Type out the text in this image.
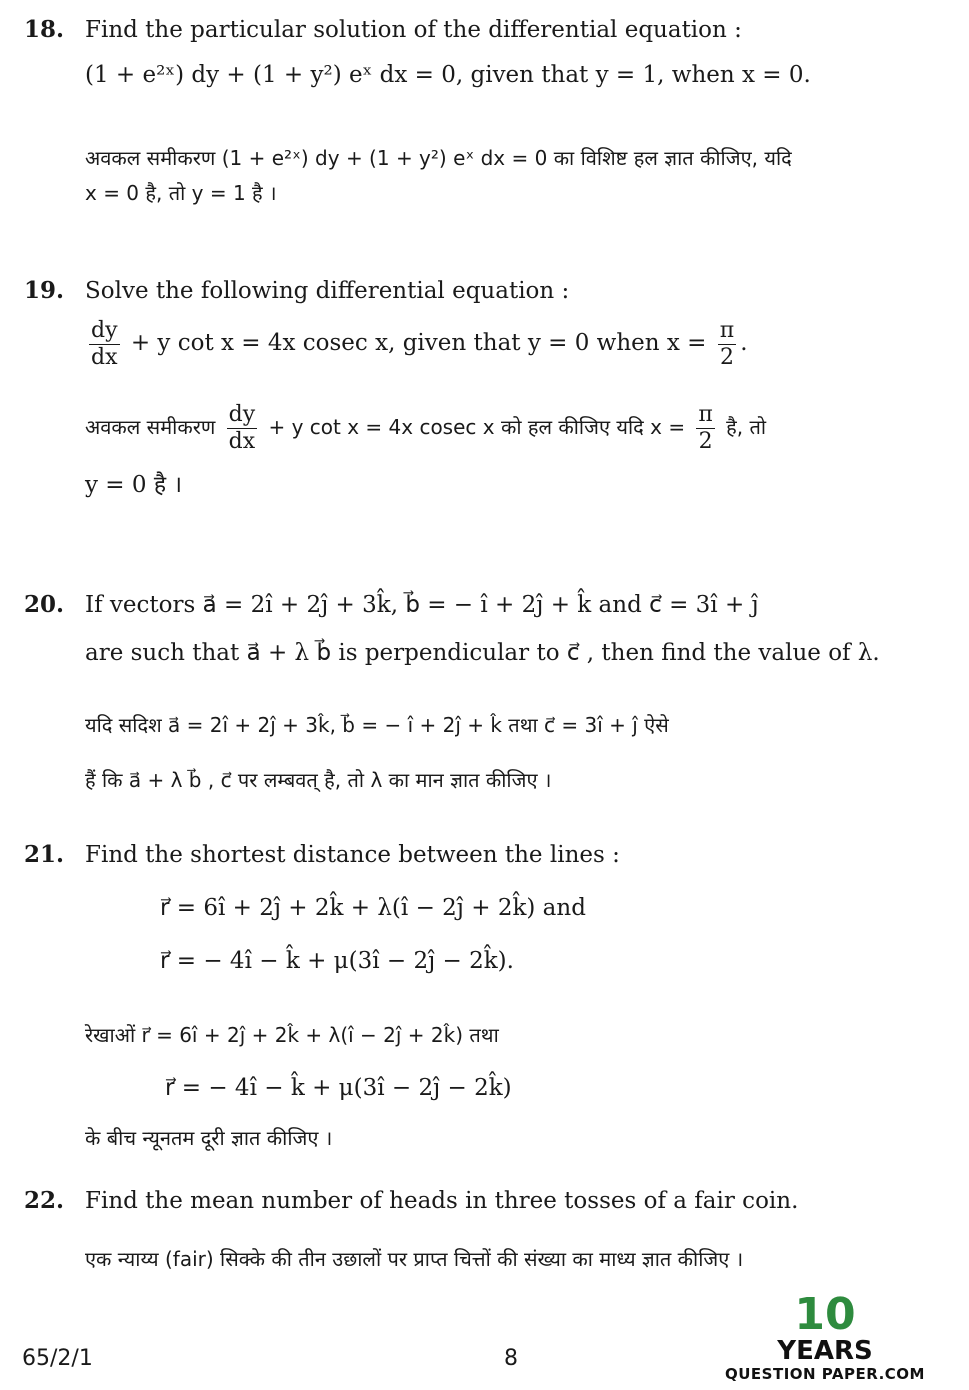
18. Find the particular solution of the differential equation :
(1 + e²ˣ) dy + (1 + y²) eˣ dx = 0, given that y = 1, when x = 0.
अवकल समीकरण (1 + e²ˣ) dy + (1 + y²) eˣ dx = 0 का विशिष्ट हल ज्ञात कीजिए, यदि
x = 0 है, तो y = 1 है ।
19. Solve the following differential equation :
$\frac{dy}{dx} + y$ cot x = 4x cosec x, given that y = 0 when $x = \frac{\pi}{2}$ .
अवकल समीकरण $\frac{dy}{dx} + y$ cot x = 4x cosec x को हल कीजिए यदि $x = \frac{\pi}{2}$ है, तो
y = 0 है ।
20. If vectors a⃗ = 2î + 2ĵ + 3k̂, b⃗ = − î + 2ĵ + k̂ and c⃗ = 3î + ĵ
are such that a⃗ + λ b⃗ is perpendicular to c⃗ , then find the value of λ.
यदि सदिश a⃗ = 2î + 2ĵ + 3k̂, b⃗ = − î + 2ĵ + k̂ तथा c⃗ = 3î + ĵ ऐसे
हैं कि a⃗ + λ b⃗ , c⃗ पर लम्बवत् है, तो λ का मान ज्ञात कीजिए ।
21. Find the shortest distance between the lines :
r⃗ = 6î + 2ĵ + 2k̂ + λ(î − 2ĵ + 2k̂) and
r⃗ = − 4î − k̂ + μ(3î − 2ĵ − 2k̂).
रेखाओं r⃗ = 6î + 2ĵ + 2k̂ + λ(î − 2ĵ + 2k̂) तथा
r⃗ = − 4î − k̂ + μ(3î − 2ĵ − 2k̂)
के बीच न्यूनतम दूरी ज्ञात कीजिए ।
22. Find the mean number of heads in three tosses of a fair coin.
एक न्याय्य (fair) सिक्के की तीन उछालों पर प्राप्त चित्तों की संख्या का माध्य ज्ञात कीजिए ।
65/2/1	8
10
YEARS
QUESTION PAPER.COM
